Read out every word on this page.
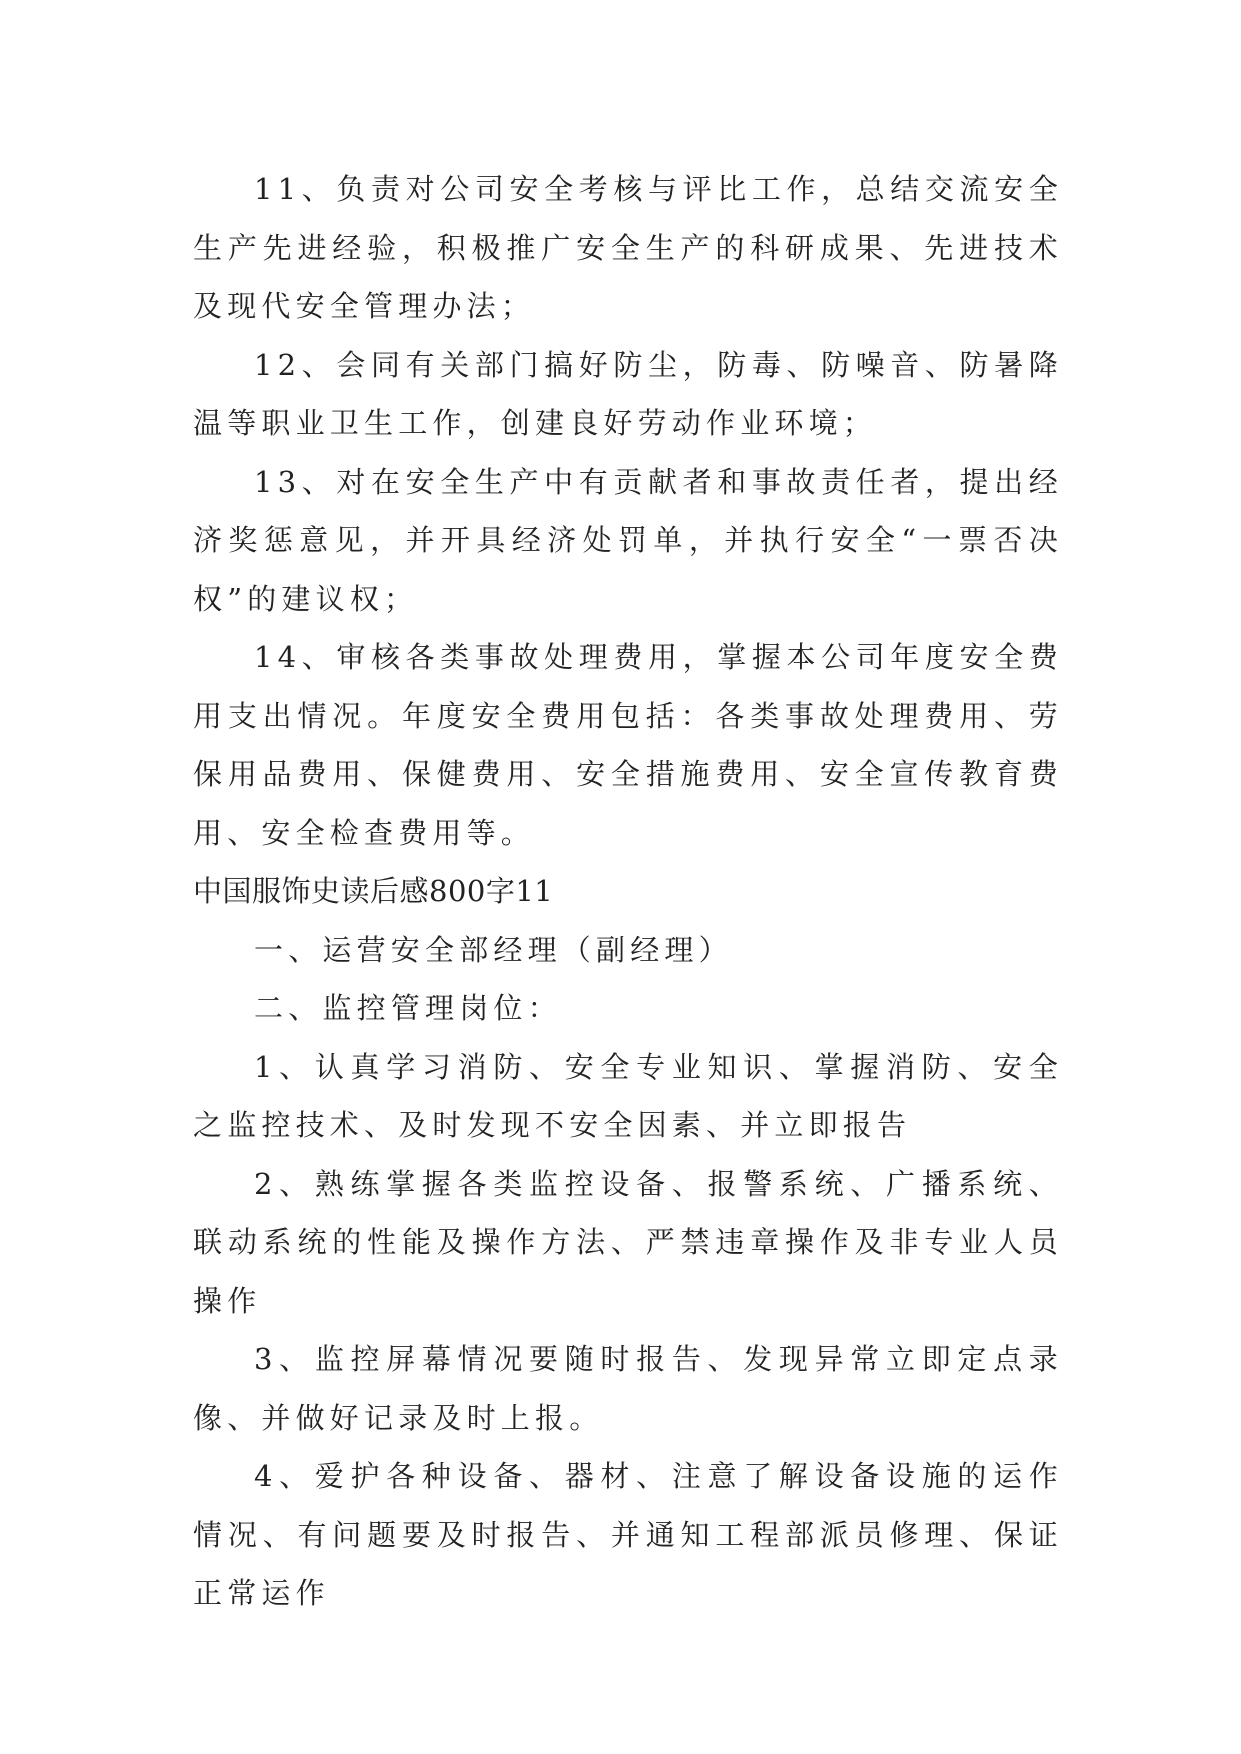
11、负责对公司安全考核与评比工作，总结交流安全生产先进经验，积极推广安全生产的科研成果、先进技术及现代安全管理办法；

12、会同有关部门搞好防尘，防毒、防噪音、防暑降温等职业卫生工作，创建良好劳动作业环境；

13、对在安全生产中有贡献者和事故责任者，提出经济奖惩意见，并开具经济处罚单，并执行安全“一票否决权”的建议权；

14、审核各类事故处理费用，掌握本公司年度安全费用支出情况。年度安全费用包括：各类事故处理费用、劳保用品费用、保健费用、安全措施费用、安全宣传教育费用、安全检查费用等。

中国服饰史读后感800字11

一、运营安全部经理（副经理）

二、监控管理岗位：

1、认真学习消防、安全专业知识、掌握消防、安全之监控技术、及时发现不安全因素、并立即报告

2、熟练掌握各类监控设备、报警系统、广播系统、联动系统的性能及操作方法、严禁违章操作及非专业人员操作

3、监控屏幕情况要随时报告、发现异常立即定点录像、并做好记录及时上报。

4、爱护各种设备、器材、注意了解设备设施的运作情况、有问题要及时报告、并通知工程部派员修理、保证正常运作
